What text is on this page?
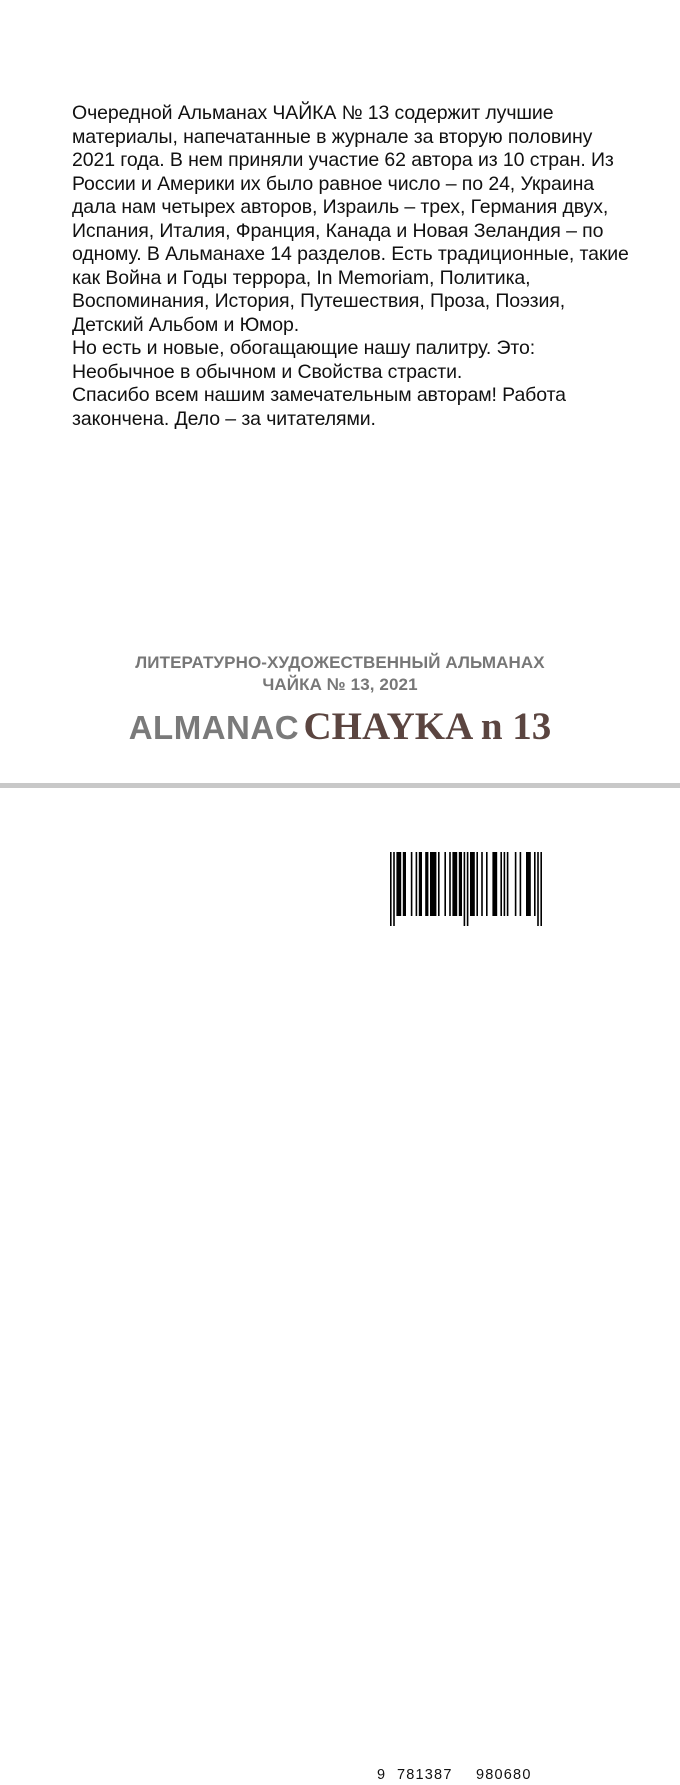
Очередной Альманах ЧАЙКА № 13 содержит лучшие материалы, напечатанные в журнале за вторую половину 2021 года. В нем приняли участие 62 автора из 10 стран. Из России и Америки их было равное число – по 24, Украина дала нам четырех авторов, Израиль – трех, Германия двух, Испания, Италия, Франция, Канада и Новая Зеландия – по одному. В Альманахе 14 разделов. Есть традиционные, такие как Война и Годы террора, In Memoriam, Политика, Воспоминания, История, Путешествия, Проза, Поэзия, Детский Альбом и Юмор.

Но есть и новые, обогащающие нашу палитру. Это: Необычное в обычном и Свойства страсти.

Спасибо всем нашим замечательным авторам! Работа закончена. Дело – за читателями.

ЛИТЕРАТУРНО-ХУДОЖЕСТВЕННЫЙ АЛЬМАНАХ
ЧАЙКА № 13, 2021
ALMANAC CHAYKA n 13
9 781387 980680
